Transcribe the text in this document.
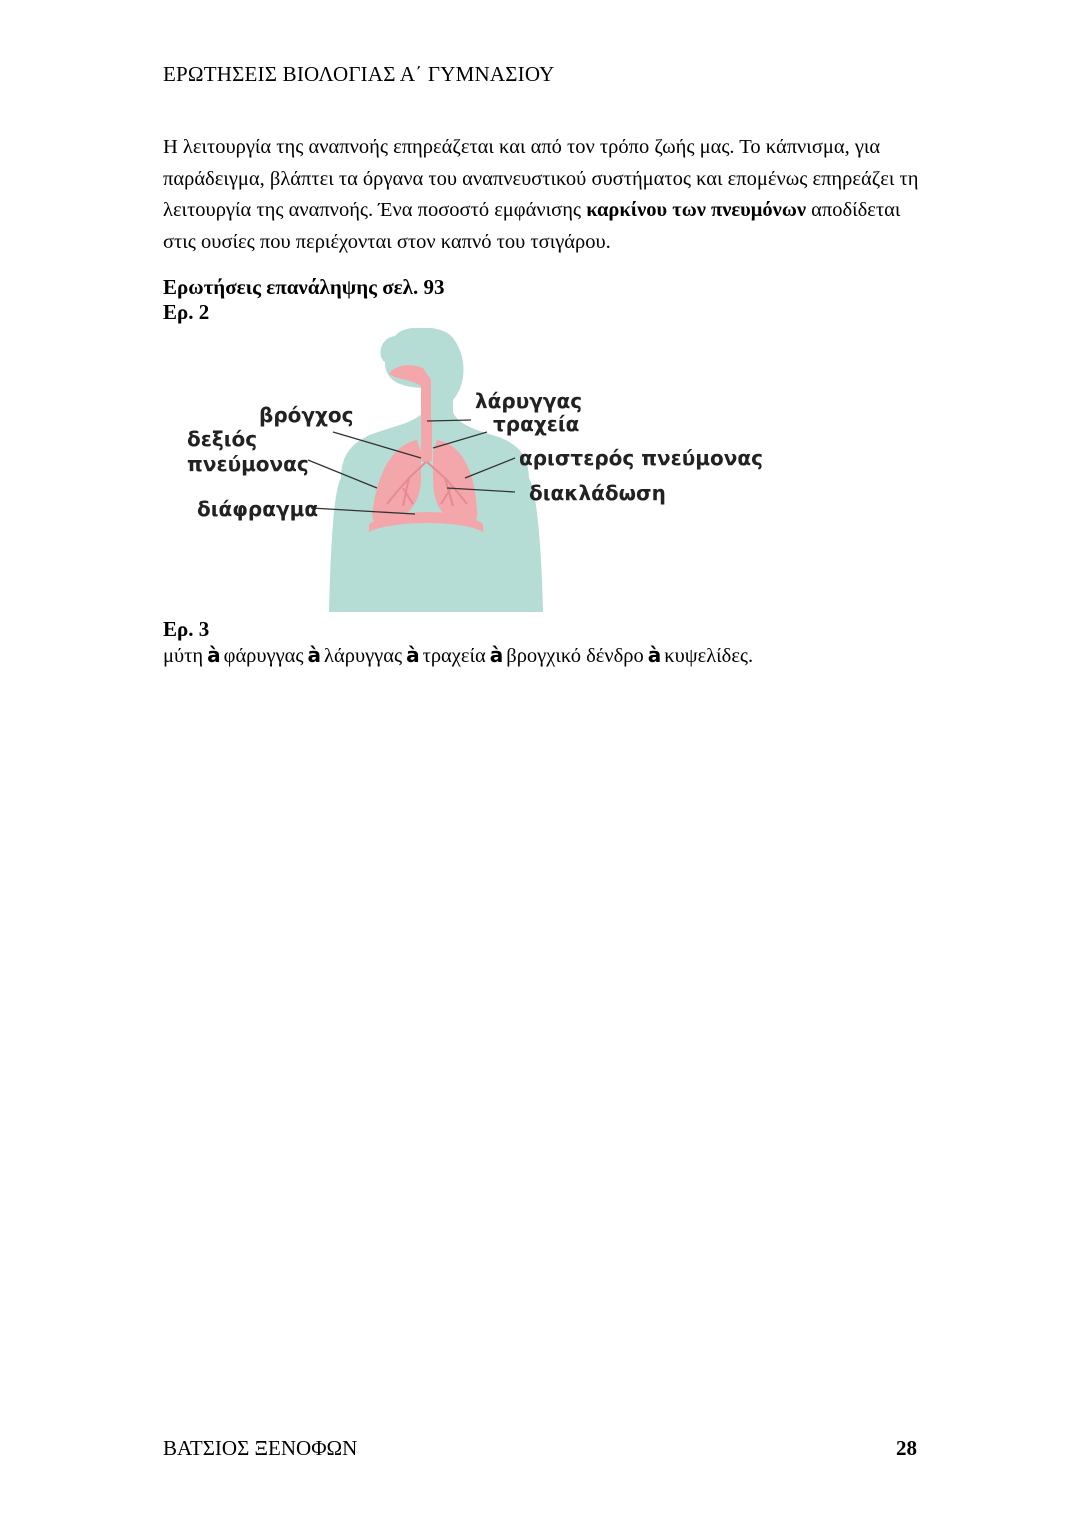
ΕΡΩΤΗΣΕΙΣ ΒΙΟΛΟΓΙΑΣ Α΄ ΓΥΜΝΑΣΙΟΥ
Η λειτουργία της αναπνοής επηρεάζεται και από τον τρόπο ζωής μας. Το κάπνισμα, για παράδειγμα, βλάπτει τα όργανα του αναπνευστικού συστήματος και επομένως επηρεάζει τη λειτουργία της αναπνοής. Ένα ποσοστό εμφάνισης καρκίνου των πνευμόνων αποδίδεται στις ουσίες που περιέχονται στον καπνό του τσιγάρου.
Ερωτήσεις επανάληψης σελ. 93
Ερ. 2
βρόγχος
δεξιός
πνεύμονας
διάφραγμα
λάρυγγας
τραχεία
αριστερός πνεύμονας
διακλάδωση
Ερ. 3
μύτη à φάρυγγας à λάρυγγας à τραχεία à βρογχικό δένδρο à κυψελίδες.
ΒΑΤΣΙΟΣ ΞΕΝΟΦΩΝ	28
